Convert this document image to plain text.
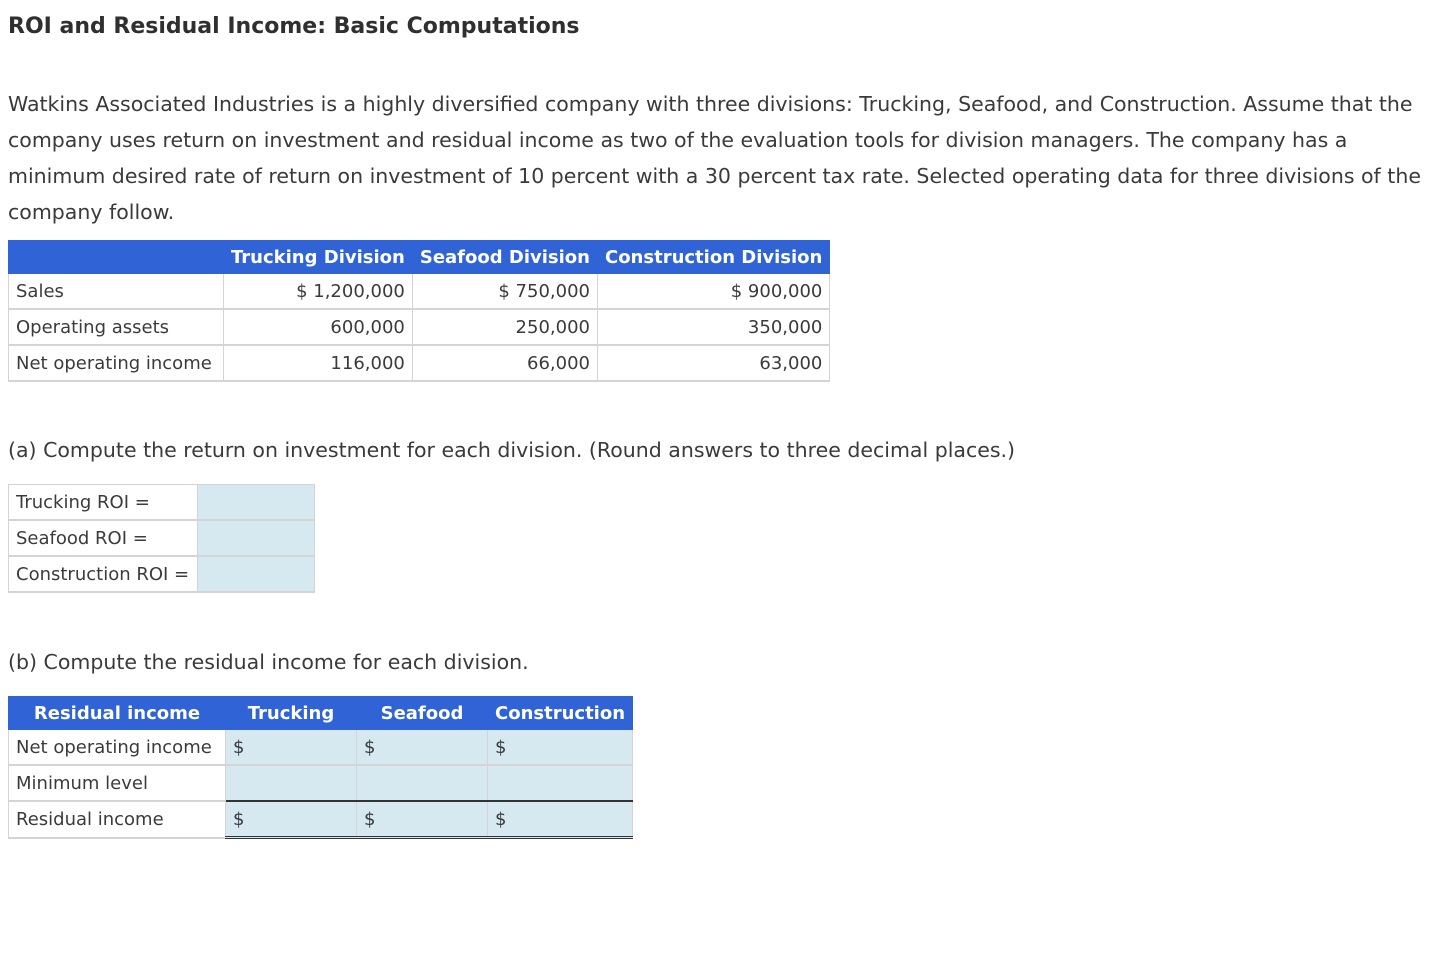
ROI and Residual Income: Basic Computations
Watkins Associated Industries is a highly diversified company with three divisions: Trucking, Seafood, and Construction. Assume that the company uses return on investment and residual income as two of the evaluation tools for division managers. The company has a minimum desired rate of return on investment of 10 percent with a 30 percent tax rate. Selected operating data for three divisions of the company follow.
	Trucking Division	Seafood Division	Construction Division
Sales	$ 1,200,000	$ 750,000	$ 900,000
Operating assets	600,000	250,000	350,000
Net operating income	116,000	66,000	63,000
(a) Compute the return on investment for each division. (Round answers to three decimal places.)
Trucking ROI =	
Seafood ROI =	
Construction ROI =	
(b) Compute the residual income for each division.
Residual income	Trucking	Seafood	Construction
Net operating income	$	$	$
Minimum level			
Residual income	$	$	$
